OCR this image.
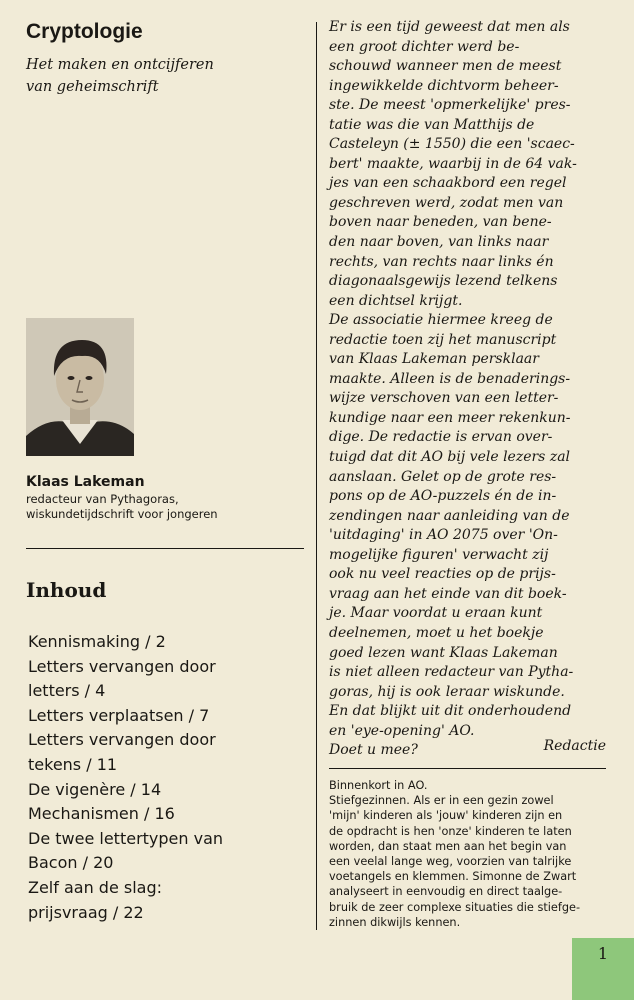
Cryptologie
Het maken en ontcijferen
van geheimschrift
Klaas Lakeman
redacteur van Pythagoras,
wiskundetijdschrift voor jongeren
Inhoud
Kennismaking / 2
Letters vervangen door
letters / 4
Letters verplaatsen / 7
Letters vervangen door
tekens / 11
De vigenère / 14
Mechanismen / 16
De twee lettertypen van
Bacon / 20
Zelf aan de slag:
prijsvraag / 22

Er is een tijd geweest dat men als

een groot dichter werd be-

schouwd wanneer men de meest

ingewikkelde dichtvorm beheer-

ste. De meest 'opmerkelijke' pres-

tatie was die van Matthijs de

Casteleyn (± 1550) die een 'scaec-

bert' maakte, waarbij in de 64 vak-

jes van een schaakbord een regel

geschreven werd, zodat men van

boven naar beneden, van bene-

den naar boven, van links naar

rechts, van rechts naar links én

diagonaalsgewijs lezend telkens

een dichtsel krijgt.

De associatie hiermee kreeg de

redactie toen zij het manuscript

van Klaas Lakeman persklaar

maakte. Alleen is de benaderings-

wijze verschoven van een letter-

kundige naar een meer rekenkun-

dige. De redactie is ervan over-

tuigd dat dit AO bij vele lezers zal

aanslaan. Gelet op de grote res-

pons op de AO-puzzels én de in-

zendingen naar aanleiding van de

'uitdaging' in AO 2075 over 'On-

mogelijke figuren' verwacht zij

ook nu veel reacties op de prijs-

vraag aan het einde van dit boek-

je. Maar voordat u eraan kunt

deelnemen, moet u het boekje

goed lezen want Klaas Lakeman

is niet alleen redacteur van Pytha-

goras, hij is ook leraar wiskunde.

En dat blijkt uit dit onderhoudend

en 'eye-opening' AO.

Doet u mee?	Redactie

Binnenkort in AO.

Stiefgezinnen. Als er in een gezin zowel

'mijn' kinderen als 'jouw' kinderen zijn en

de opdracht is hen 'onze' kinderen te laten

worden, dan staat men aan het begin van

een veelal lange weg, voorzien van talrijke

voetangels en klemmen. Simonne de Zwart

analyseert in eenvoudig en direct taalge-

bruik de zeer complexe situaties die stiefge-

zinnen dikwijls kennen.

1
